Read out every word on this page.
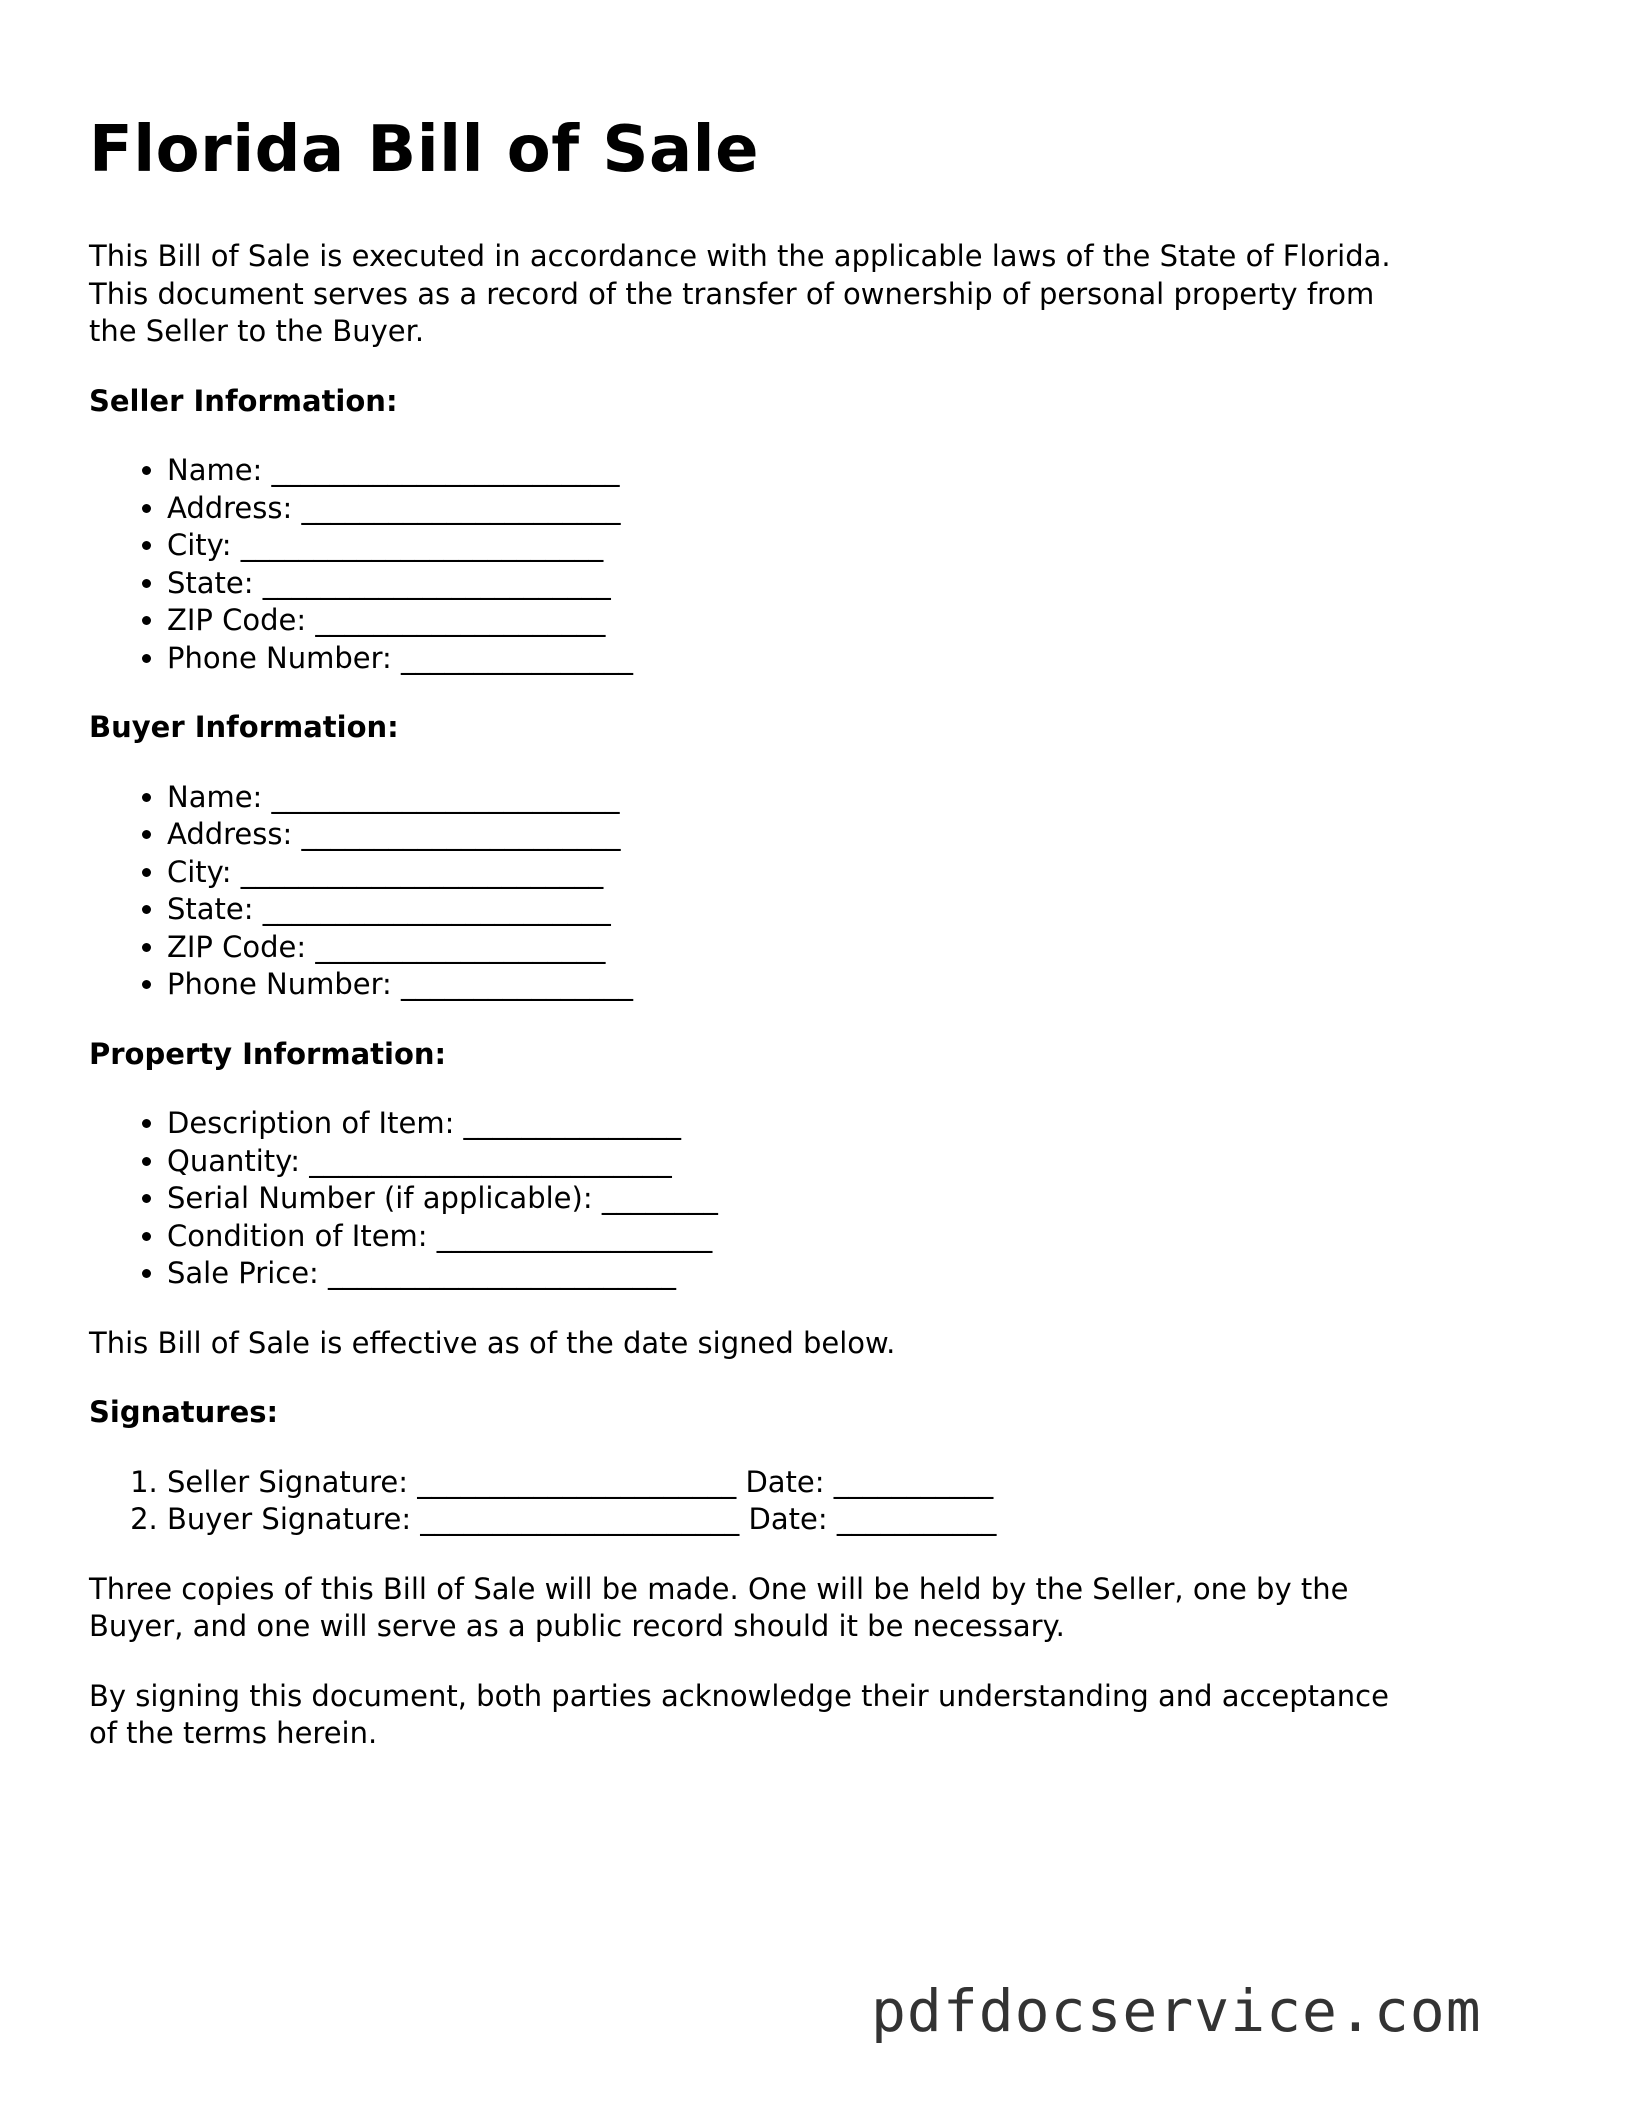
Florida Bill of Sale

This Bill of Sale is executed in accordance with the applicable laws of the State of Florida.
This document serves as a record of the transfer of ownership of personal property from
the Seller to the Buyer.

Seller Information:
• Name: ________________________
• Address: ______________________
• City: _________________________
• State: ________________________
• ZIP Code: ____________________
• Phone Number: ________________
Buyer Information:
• Name: ________________________
• Address: ______________________
• City: _________________________
• State: ________________________
• ZIP Code: ____________________
• Phone Number: ________________
Property Information:
• Description of Item: _______________
• Quantity: _________________________
• Serial Number (if applicable): ________
• Condition of Item: ___________________
• Sale Price: ________________________

This Bill of Sale is effective as of the date signed below.

Signatures:
1. Seller Signature: ______________________ Date: ___________
2. Buyer Signature: ______________________ Date: ___________

Three copies of this Bill of Sale will be made. One will be held by the Seller, one by the
Buyer, and one will serve as a public record should it be necessary.

By signing this document, both parties acknowledge their understanding and acceptance
of the terms herein.

pdfdocservice.com
